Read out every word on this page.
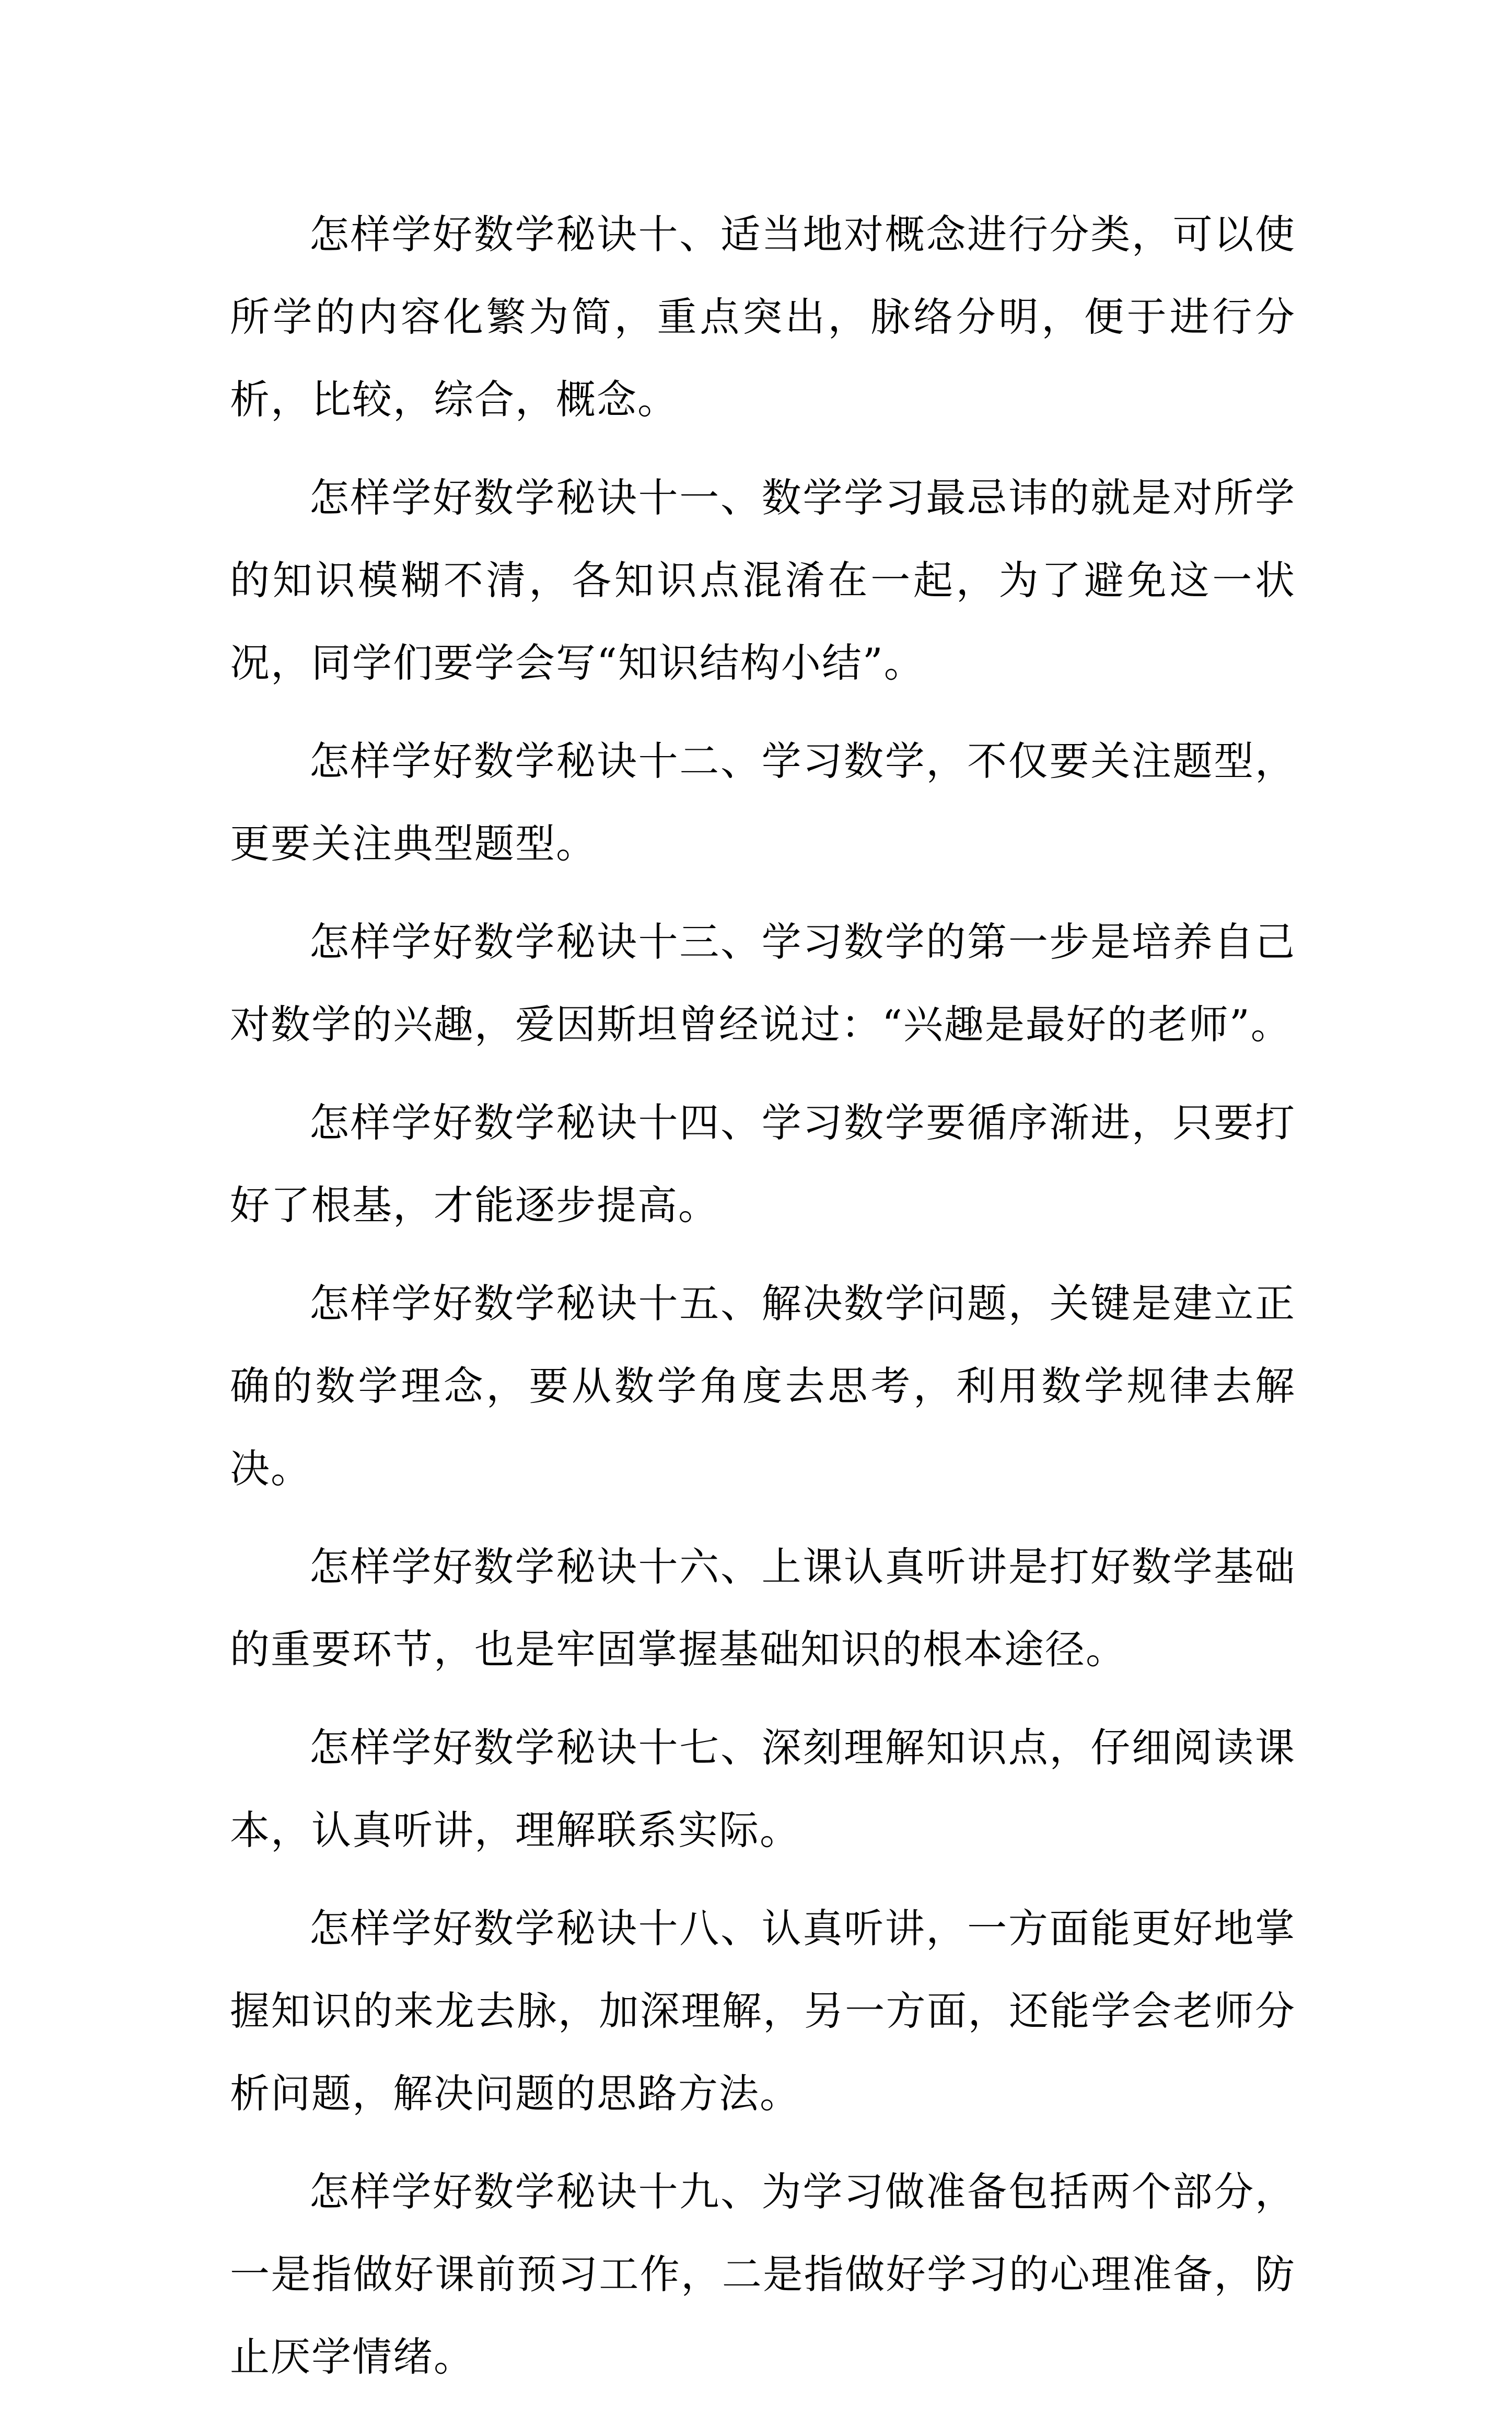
怎样学好数学秘诀十、适当地对概念进行分类，可以使所学的内容化繁为简，重点突出，脉络分明，便于进行分析，比较，综合，概念。

怎样学好数学秘诀十一、数学学习最忌讳的就是对所学的知识模糊不清，各知识点混淆在一起，为了避免这一状况，同学们要学会写“知识结构小结”。

怎样学好数学秘诀十二、学习数学，不仅要关注题型，更要关注典型题型。

怎样学好数学秘诀十三、学习数学的第一步是培养自己对数学的兴趣，爱因斯坦曾经说过：“兴趣是最好的老师”。

怎样学好数学秘诀十四、学习数学要循序渐进，只要打好了根基，才能逐步提高。

怎样学好数学秘诀十五、解决数学问题，关键是建立正确的数学理念，要从数学角度去思考，利用数学规律去解决。

怎样学好数学秘诀十六、上课认真听讲是打好数学基础的重要环节，也是牢固掌握基础知识的根本途径。

怎样学好数学秘诀十七、深刻理解知识点，仔细阅读课本，认真听讲，理解联系实际。

怎样学好数学秘诀十八、认真听讲，一方面能更好地掌握知识的来龙去脉，加深理解，另一方面，还能学会老师分析问题，解决问题的思路方法。

怎样学好数学秘诀十九、为学习做准备包括两个部分，一是指做好课前预习工作，二是指做好学习的心理准备，防止厌学情绪。
